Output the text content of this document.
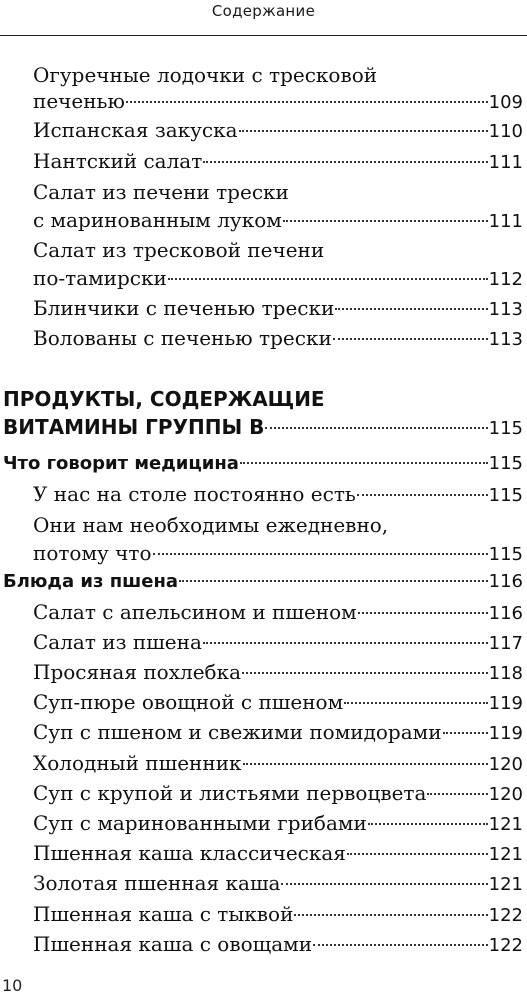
Содержание
Огуречные лодочки с тресковой
печенью	109
Испанская закуска	110
Нантский салат	111
Салат из печени трески
с маринованным луком	111
Салат из тресковой печени
по-тамирски	112
Блинчики с печенью трески	113
Волованы с печенью трески	113
ПРОДУКТЫ, СОДЕРЖАЩИЕ
ВИТАМИНЫ ГРУППЫ В	115
Что говорит медицина	115
У нас на столе постоянно есть	115
Они нам необходимы ежедневно,
потому что	115
Блюда из пшена	116
Салат с апельсином и пшеном	116
Салат из пшена	117
Просяная похлебка	118
Суп-пюре овощной с пшеном	119
Суп с пшеном и свежими помидорами	119
Холодный пшенник	120
Суп с крупой и листьями первоцвета	120
Суп с маринованными грибами	121
Пшенная каша классическая	121
Золотая пшенная каша	121
Пшенная каша с тыквой	122
Пшенная каша с овощами	122
10
